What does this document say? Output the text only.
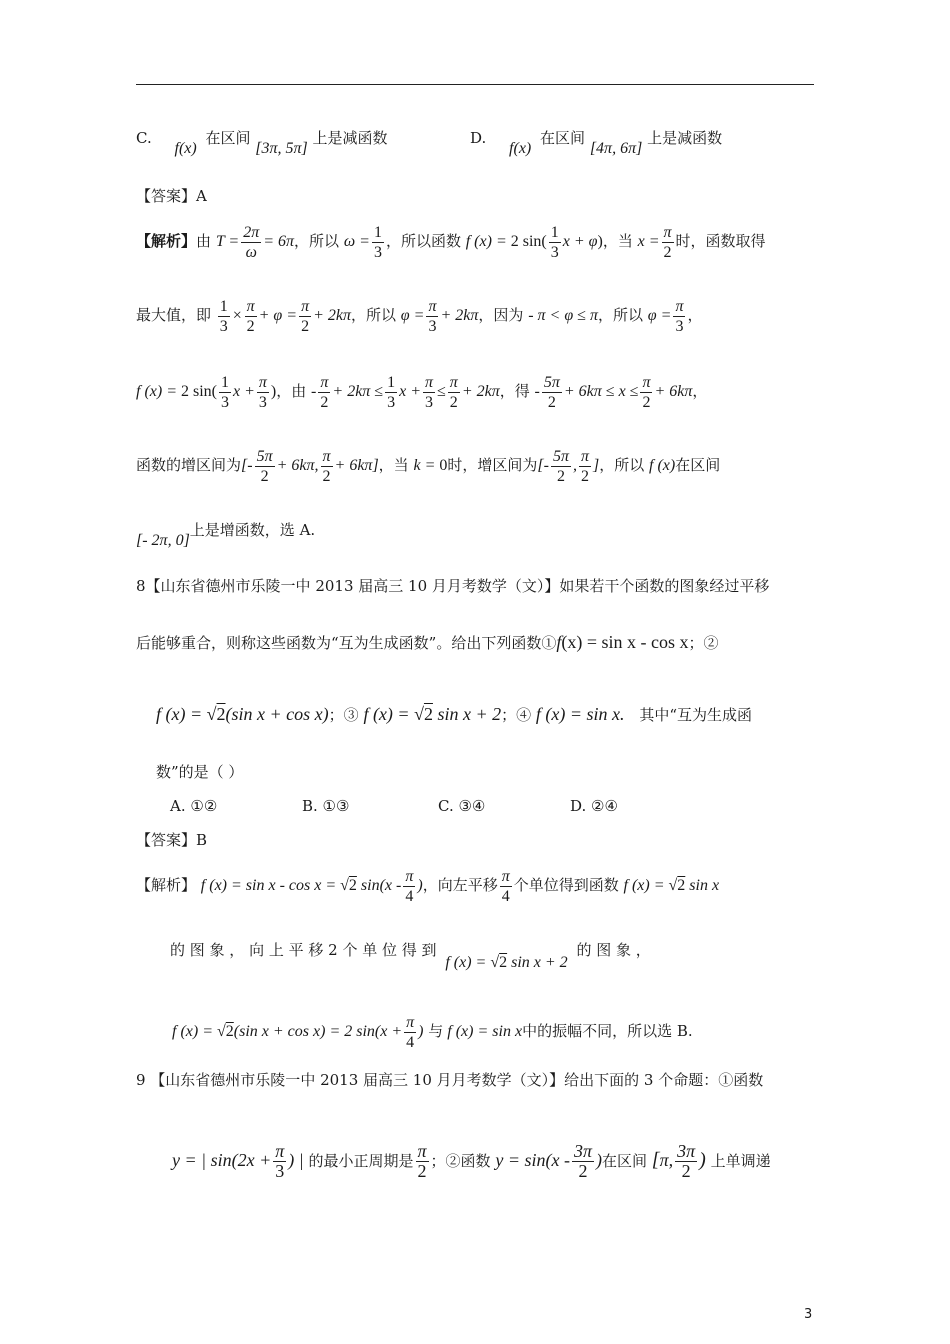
C. f(x) 在区间 [3π, 5π] 上是减函数	D. f(x) 在区间 [4π, 6π] 上是减函数
【答案】A
【解析】由 $T = \frac{2\pi}{\omega} = 6\pi$，所以 $\omega = \frac{1}{3}$ ，所以函数 f (x) = 2 $\sin( \frac{1}{3}$ x + φ)，当 $x = \frac{\pi}{2}$ 时，函数取得
最大值，即 $\frac{1}{3} \times \frac{\pi}{2} + \varphi = \frac{\pi}{2} + 2k\pi$，所以 $\varphi = \frac{\pi}{3} + 2k\pi$，因为 - π < φ ≤ π，所以 $\varphi = \frac{\pi}{3}$ ，
f (x) = 2 $\sin( \frac{1}{3}$ $x + \frac{\pi}{3}$ )，由 - $\frac{\pi}{2} + 2k\pi \le \frac{1}{3}$ $x + \frac{\pi}{3} \le \frac{\pi}{2} + 2k\pi$，得 - $\frac{5\pi}{2} + 6k\pi \le x \le \frac{\pi}{2} + 6k\pi$，
函数的增区间为[- $\frac{5\pi}{2} + 6k\pi$, $\frac{\pi}{2} + 6k\pi$]，当 k = 0时，增区间为[- $\frac{5\pi}{2}$ , $\frac{\pi}{2}$ ]，所以 f (x)在区间
[- 2π, 0]上是增函数，选 A.
8【山东省德州市乐陵一中 2013 届高三 10 月月考数学（文）】如果若干个函数的图象经过平移
后能够重合，则称这些函数为“互为生成函数”。给出下列函数①f(x) = sin x - cos x；②
f (x) = √2(sin x + cos x)；③ f (x) = √2 sin x + 2；④ f (x) = sin x. 其中“互为生成函
数”的是（ ）
A. ①②	B. ①③	C. ③④	D. ②④
【答案】B
【解析】 f (x) = sin x - cos x = √2 $\sin(x - \frac{\pi}{4}$ )，向左平移 $\frac{\pi}{4}$ 个单位得到函数 f (x) = √2 sin x
的 图 象 ， 向 上 平 移 2 个 单 位 得 到 f (x) = √2 sin x + 2 的 图 象 ，
f (x) = √2(sin x + cos x) = 2 $\sin(x + \frac{\pi}{4}$ ) 与 f (x) = sin x中的振幅不同，所以选 B.
9 【山东省德州市乐陵一中 2013 届高三 10 月月考数学（文）】给出下面的 3 个命题：①函数
y = | $\sin(2x + \frac{\pi}{3}$ ) | 的最小正周期是 $\frac{\pi}{2}$ ；②函数 $y = \sin(x - \frac{3\pi}{2}$ )在区间 [π, $\frac{3\pi}{2}$ ) 上单调递
3
